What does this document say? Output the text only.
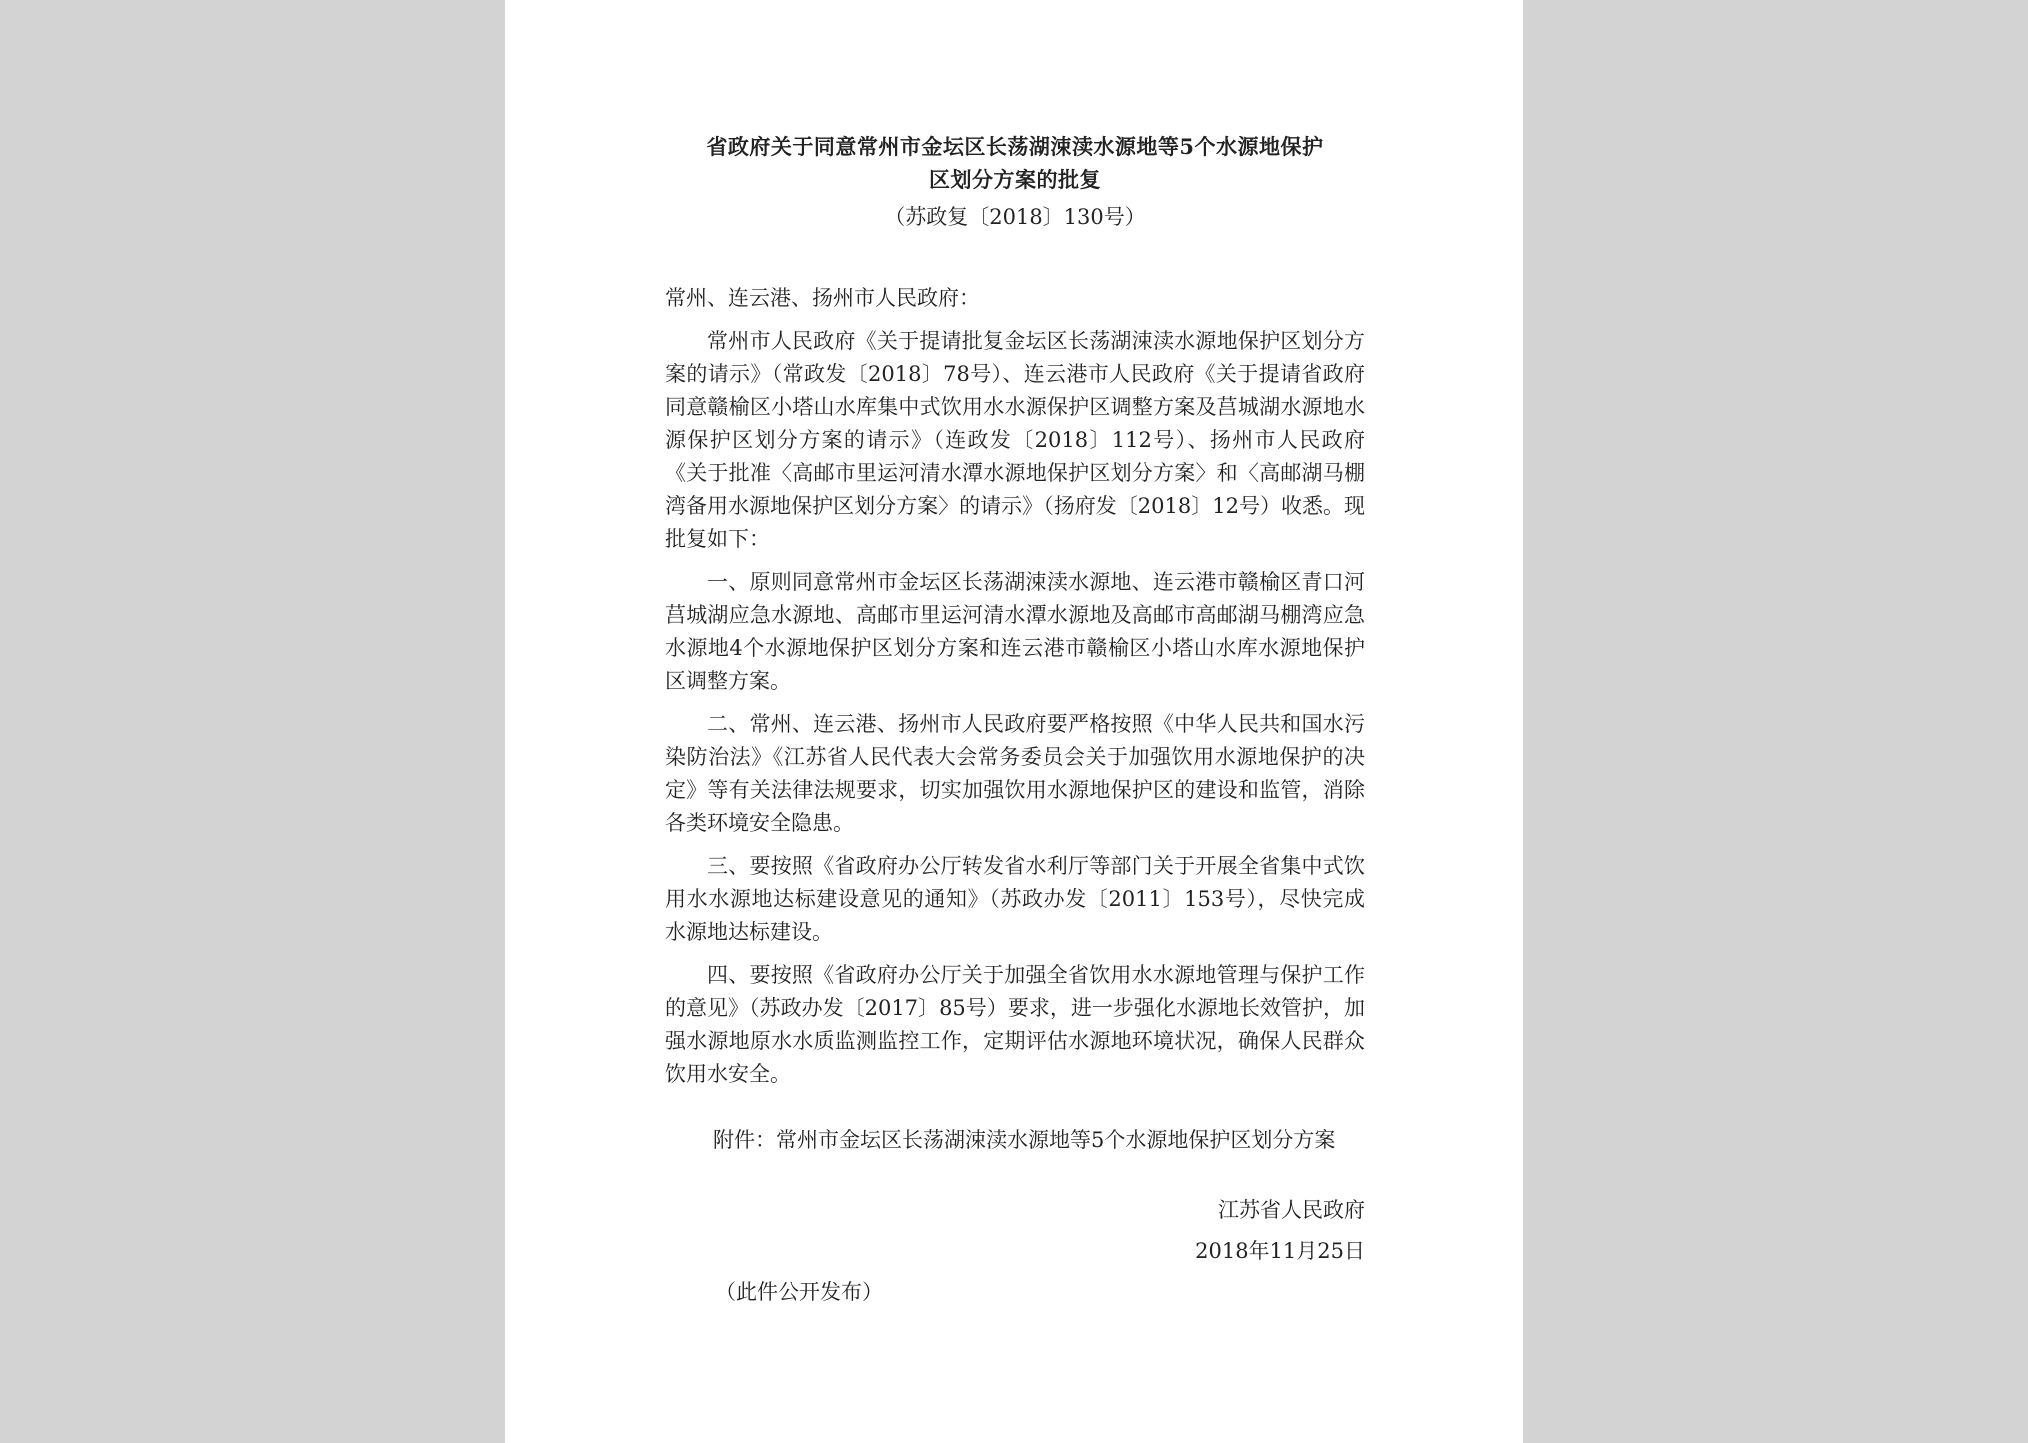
省政府关于同意常州市金坛区长荡湖涑渎水源地等5个水源地保护
区划分方案的批复
（苏政复〔2018〕130号）

常州、连云港、扬州市人民政府：

常州市人民政府《关于提请批复金坛区长荡湖涑渎水源地保护区划分方案的请示》（常政发〔2018〕78号）、连云港市人民政府《关于提请省政府同意赣榆区小塔山水库集中式饮用水水源保护区调整方案及莒城湖水源地水源保护区划分方案的请示》（连政发〔2018〕112号）、扬州市人民政府《关于批准〈高邮市里运河清水潭水源地保护区划分方案〉和〈高邮湖马棚湾备用水源地保护区划分方案〉的请示》（扬府发〔2018〕12号）收悉。现批复如下：

一、原则同意常州市金坛区长荡湖涑渎水源地、连云港市赣榆区青口河莒城湖应急水源地、高邮市里运河清水潭水源地及高邮市高邮湖马棚湾应急水源地4个水源地保护区划分方案和连云港市赣榆区小塔山水库水源地保护区调整方案。

二、常州、连云港、扬州市人民政府要严格按照《中华人民共和国水污染防治法》《江苏省人民代表大会常务委员会关于加强饮用水源地保护的决定》等有关法律法规要求，切实加强饮用水源地保护区的建设和监管，消除各类环境安全隐患。

三、要按照《省政府办公厅转发省水利厅等部门关于开展全省集中式饮用水水源地达标建设意见的通知》（苏政办发〔2011〕153号），尽快完成水源地达标建设。

四、要按照《省政府办公厅关于加强全省饮用水水源地管理与保护工作的意见》（苏政办发〔2017〕85号）要求，进一步强化水源地长效管护，加强水源地原水水质监测监控工作，定期评估水源地环境状况，确保人民群众饮用水安全。

附件：常州市金坛区长荡湖涑渎水源地等5个水源地保护区划分方案
江苏省人民政府
2018年11月25日
（此件公开发布）
